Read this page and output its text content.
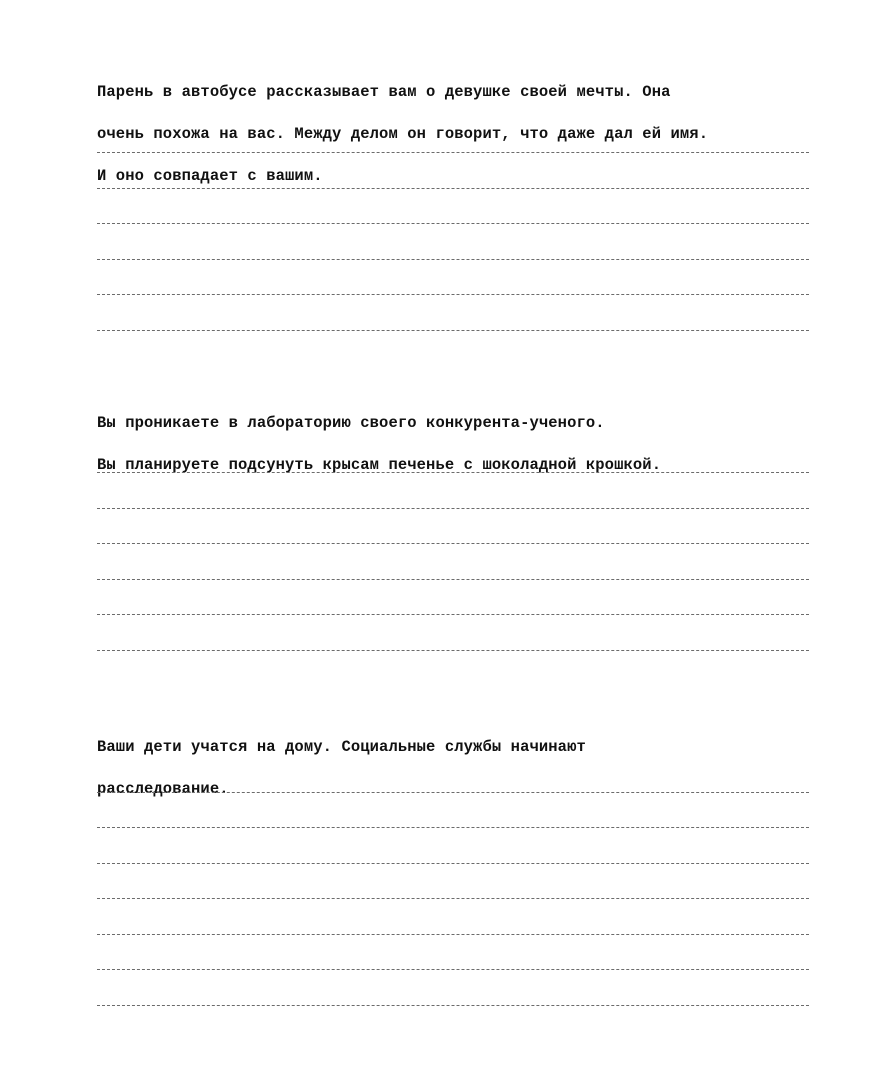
Парень в автобусе рассказывает вам о девушке своей мечты. Она

очень похожа на вас. Между делом он говорит, что даже дал ей имя.

И оно совпадает с вашим.

Вы проникаете в лабораторию своего конкурента-ученого.

Вы планируете подсунуть крысам печенье с шоколадной крошкой.

Ваши дети учатся на дому. Социальные службы начинают

расследование.
